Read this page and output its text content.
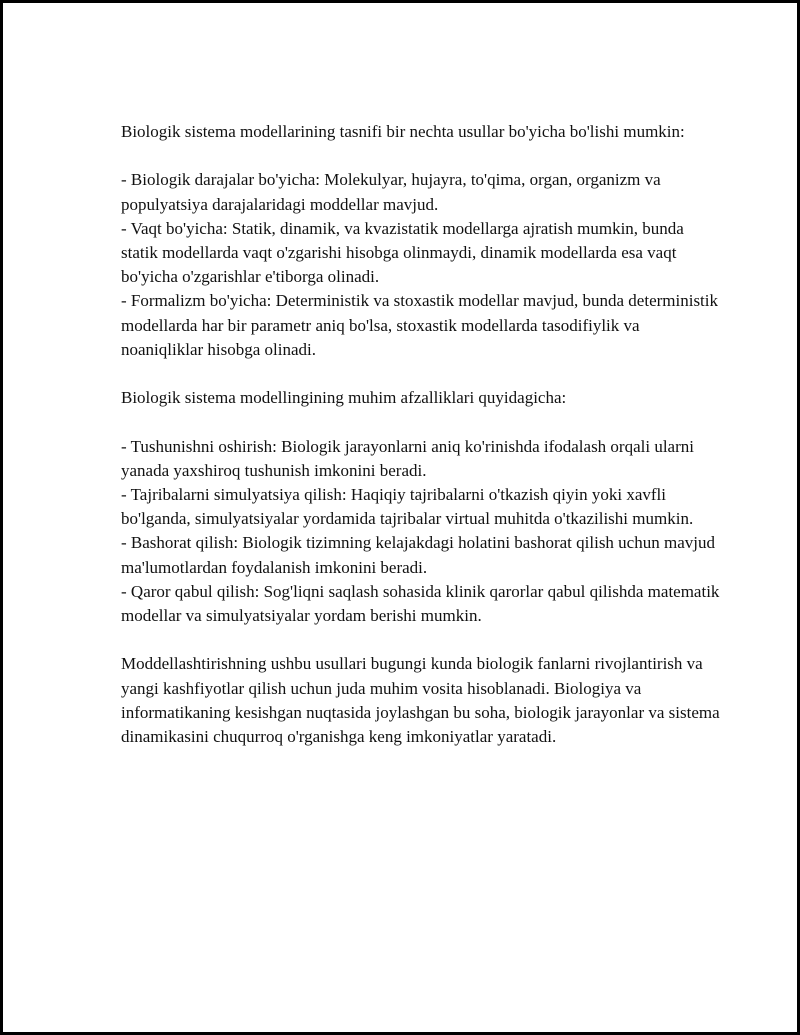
Biologik sistema modellarining tasnifi bir nechta usullar bo'yicha bo'lishi mumkin:

- Biologik darajalar bo'yicha: Molekulyar, hujayra, to'qima, organ, organizm va populyatsiya darajalaridagi moddellar mavjud.

- Vaqt bo'yicha: Statik, dinamik, va kvazistatik modellarga ajratish mumkin, bunda statik modellarda vaqt o'zgarishi hisobga olinmaydi, dinamik modellarda esa vaqt bo'yicha o'zgarishlar e'tiborga olinadi.

- Formalizm bo'yicha: Deterministik va stoxastik modellar mavjud, bunda deterministik modellarda har bir parametr aniq bo'lsa, stoxastik modellarda tasodifiylik va noaniqliklar hisobga olinadi.

Biologik sistema modellingining muhim afzalliklari quyidagicha:

- Tushunishni oshirish: Biologik jarayonlarni aniq ko'rinishda ifodalash orqali ularni yanada yaxshiroq tushunish imkonini beradi.

- Tajribalarni simulyatsiya qilish: Haqiqiy tajribalarni o'tkazish qiyin yoki xavfli bo'lganda, simulyatsiyalar yordamida tajribalar virtual muhitda o'tkazilishi mumkin.

- Bashorat qilish: Biologik tizimning kelajakdagi holatini bashorat qilish uchun mavjud ma'lumotlardan foydalanish imkonini beradi.

- Qaror qabul qilish: Sog'liqni saqlash sohasida klinik qarorlar qabul qilishda matematik modellar va simulyatsiyalar yordam berishi mumkin.

Moddellashtirishning ushbu usullari bugungi kunda biologik fanlarni rivojlantirish va yangi kashfiyotlar qilish uchun juda muhim vosita hisoblanadi. Biologiya va informatikaning kesishgan nuqtasida joylashgan bu soha, biologik jarayonlar va sistema dinamikasini chuqurroq o'rganishga keng imkoniyatlar yaratadi.
